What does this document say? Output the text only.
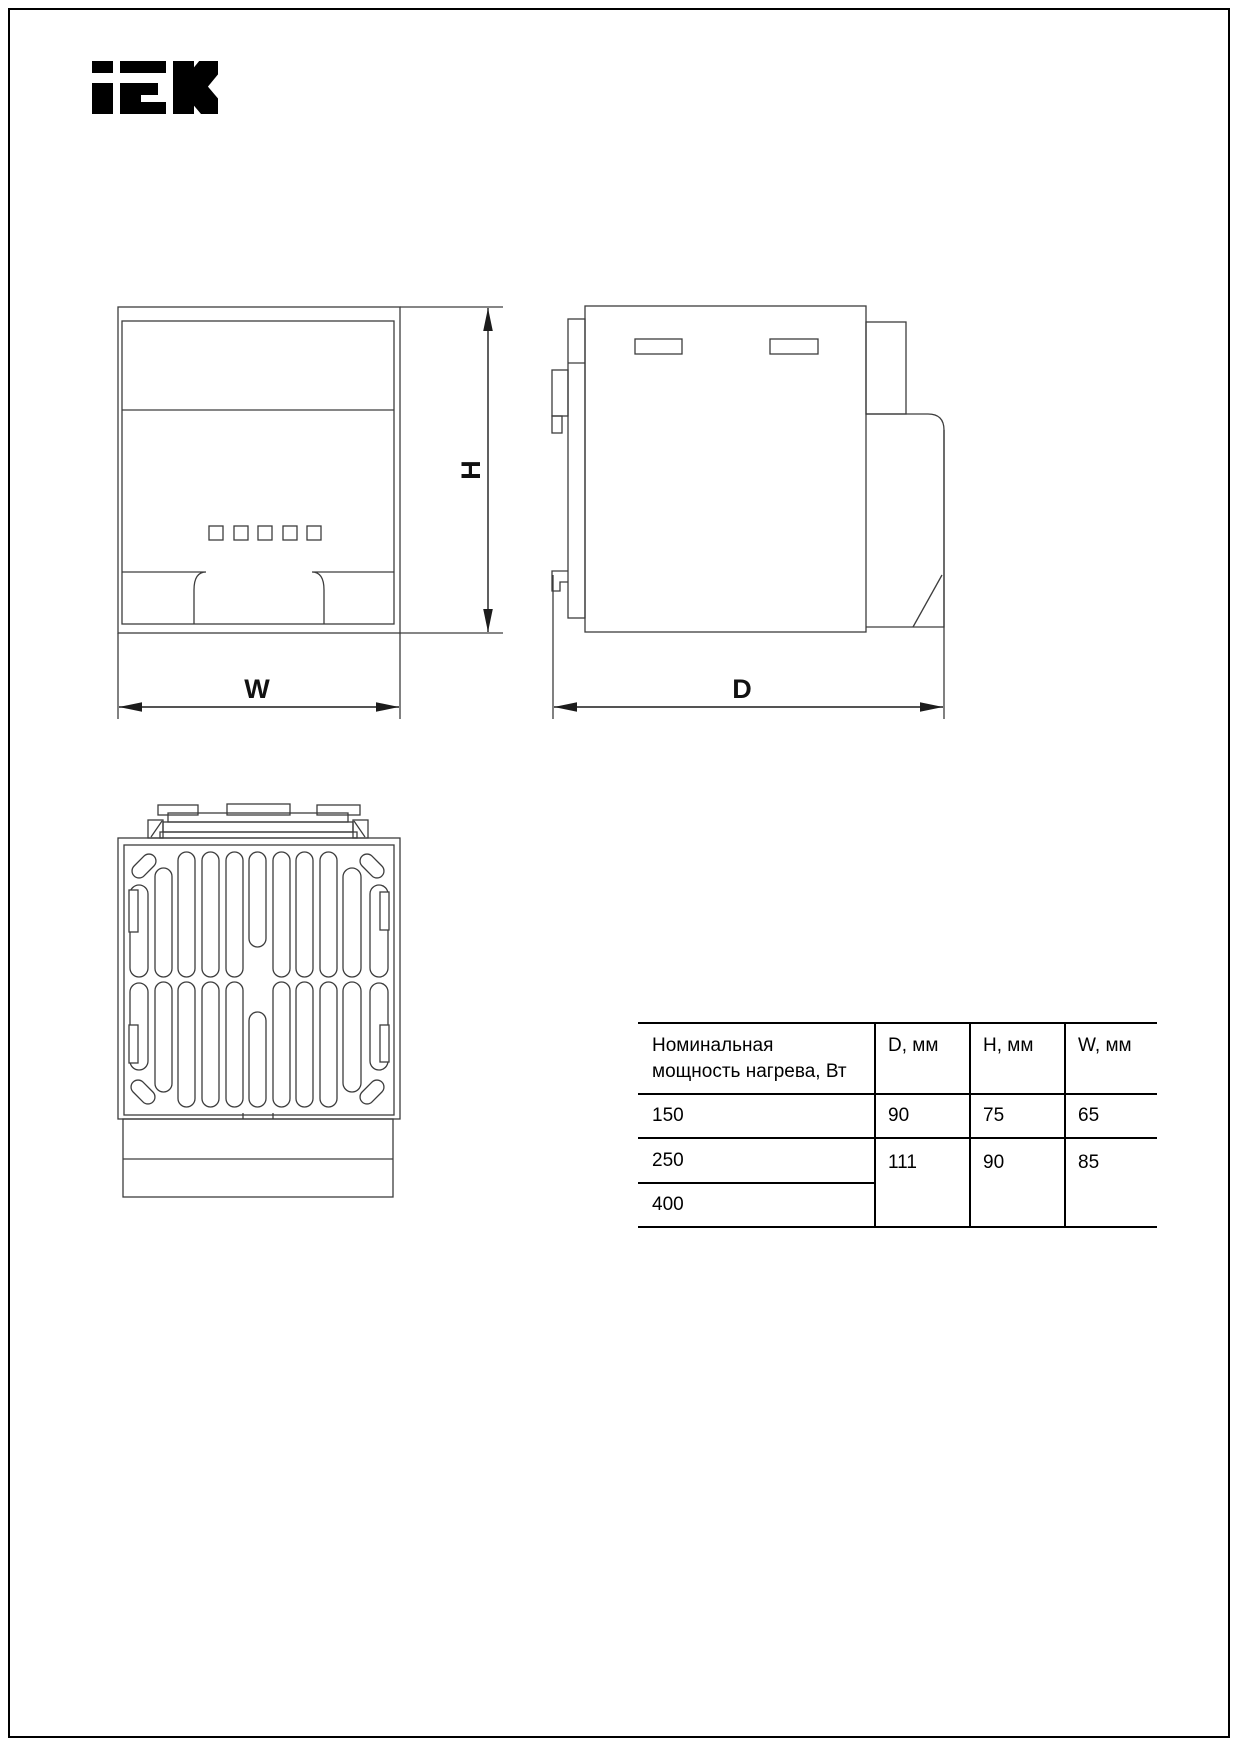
H
W	D
Номинальная
мощность нагрева, Вт	D, мм	H, мм	W, мм
150	90	75	65
250	111	90	85
400			
